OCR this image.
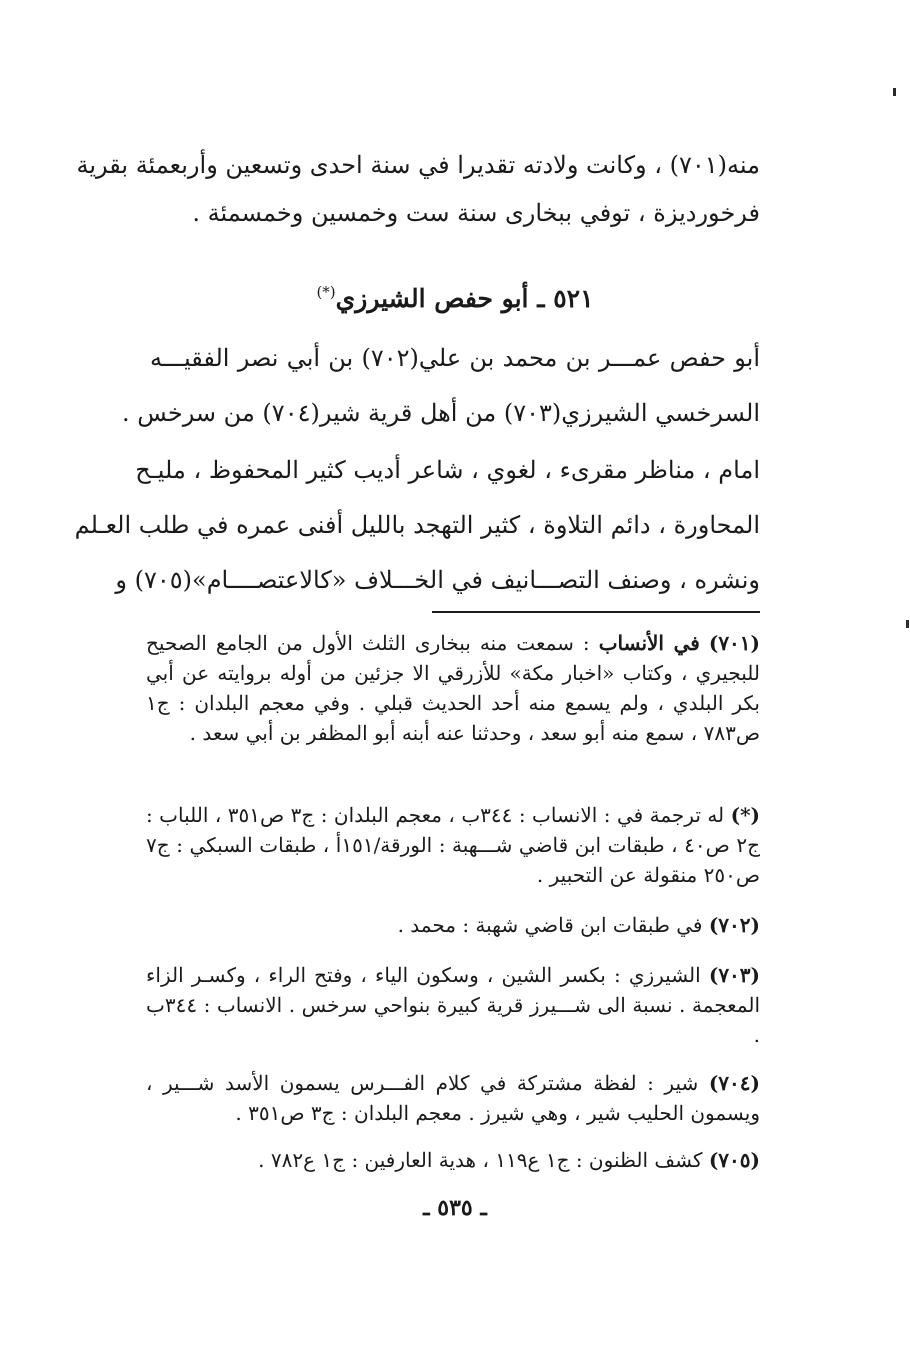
منه(٧٠١) ، وكانت ولادته تقديرا في سنة احدى وتسعين وأربعمئة بقرية
فرخورديزة ، توفي ببخارى سنة ست وخمسين وخمسمئة .
٥٢١ ـ أبو حفص الشيرزي(*)
أبو حفص عمـــر بن محمد بن علي(٧٠٢) بن أبي نصر الفقيـــه
السرخسي الشيرزي(٧٠٣) من أهل قرية شير(٧٠٤) من سرخس .
امام ، مناظر مقرىء ، لغوي ، شاعر أديب كثير المحفوظ ، مليـح
المحاورة ، دائم التلاوة ، كثير التهجد بالليل أفنى عمره في طلب العـلم
ونشره ، وصنف التصـــانيف في الخـــلاف «كالاعتصــــام»(٧٠٥) و
(٧٠١) في الأنساب : سمعت منه ببخارى الثلث الأول من الجامع الصحيح للبجيري ، وكتاب «اخبار مكة» للأزرقي الا جزئين من أوله بروايته عن أبي بكر البلدي ، ولم يسمع منه أحد الحديث قبلي . وفي معجم البلدان : ج١ ص٧٨٣ ، سمع منه أبو سعد ، وحدثنا عنه أبنه أبو المظفر بن أبي سعد .
(*) له ترجمة في : الانساب : ٣٤٤ب ، معجم البلدان : ج٣ ص٣٥١ ، اللباب : ج٢ ص٤٠ ، طبقات ابن قاضي شـــهبة : الورقة/١٥١أ ، طبقات السبكي : ج٧ ص٢٥٠ منقولة عن التحبير .
(٧٠٢) في طبقات ابن قاضي شهبة : محمد .
(٧٠٣) الشيرزي : بكسر الشين ، وسكون الياء ، وفتح الراء ، وكسـر الزاء المعجمة . نسبة الى شـــيرز قرية كبيرة بنواحي سرخس . الانساب : ٣٤٤ب .
(٧٠٤) شير : لفظة مشتركة في كلام الفـــرس يسمون الأسد شـــير ، ويسمون الحليب شير ، وهي شيرز . معجم البلدان : ج٣ ص٣٥١ .
(٧٠٥) كشف الظنون : ج١ ع١١٩ ، هدية العارفين : ج١ ع٧٨٢ .
ـ ٥٣٥ ـ
